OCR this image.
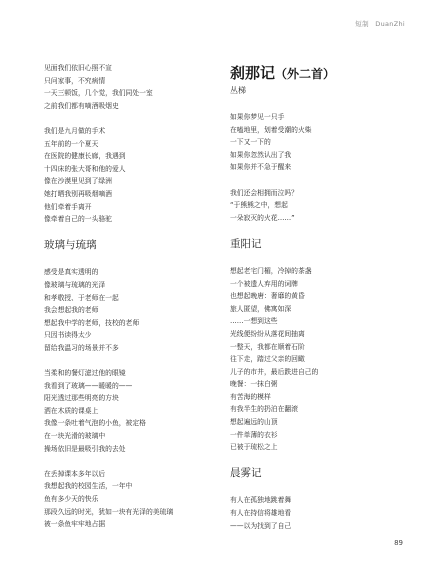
短制 DuanZhi
见面我们依旧心照不宣
只问家事，不究病情
一天三顿饭，几个觉，我们同处一室
之前我们都有嘀酒吸烟史
我们是九月做的手术
五年前的一个夏天
在医院的健康长廊，我遇到
十四床的张大哥和他的爱人
像在沙漠里见到了绿洲
她打晒我别再吸烟嘀酒
他们牵着手离开
像牵着自己的一头骆驼
玻璃与琉璃
感受是真实透明的
像玻璃与琉璃的光泽
和孝敬授、于老师在一起
我会想起我的老师
想起我中学的老师，技校的老师
只因书读得太少
留给我温习的场景并不多
当柔和的餐灯滤过他的眼镜
我看到了玻璃——暖暖的——
阳光透过那些明亮的方块
洒在木质的课桌上
我像一条吐着气泡的小鱼，被定格
在一块光滑的玻璃中
操场依旧是最吸引我的去处
在丢掉课本多年以后
我想起我的校园生活，一年中
鱼有多少天的快乐
那段久远的时光，犹如一块有光泽的美琉璃
被一条鱼牢牢地占据
刹那记（外二首）
丛梯
如果你梦见一只手
在嗑地里，划着受潮的火柴
一下又一下的
如果你忽然认出了我
如果你并不急于醒来
我们还会相拥而泣吗？
“于熊熊之中，想起
一朵寂灭的火花……”
重阳记
想起老宅门楣，冷掉的茶盏
一个被遗人弃用的词牌
也想起晚唐：奢靡的黄昏
旅人匿望，佛寓如深
……一想到这些
光线便纷纷从落花间抽离
一整天，我都在顺着石阶
往下走，踏过父亲的回瞰
儿子的市井，最后跌进自己的
晚餐：一抹白粥
有苦海的模样
有我半生的扔泊在翻滚
想起遍远的山顶
一件单薄的衣衫
已被于琉松之上
晨雾记
有人在孤独地跳着舞
有人在持信将雄地看
——以为找到了自己
89
